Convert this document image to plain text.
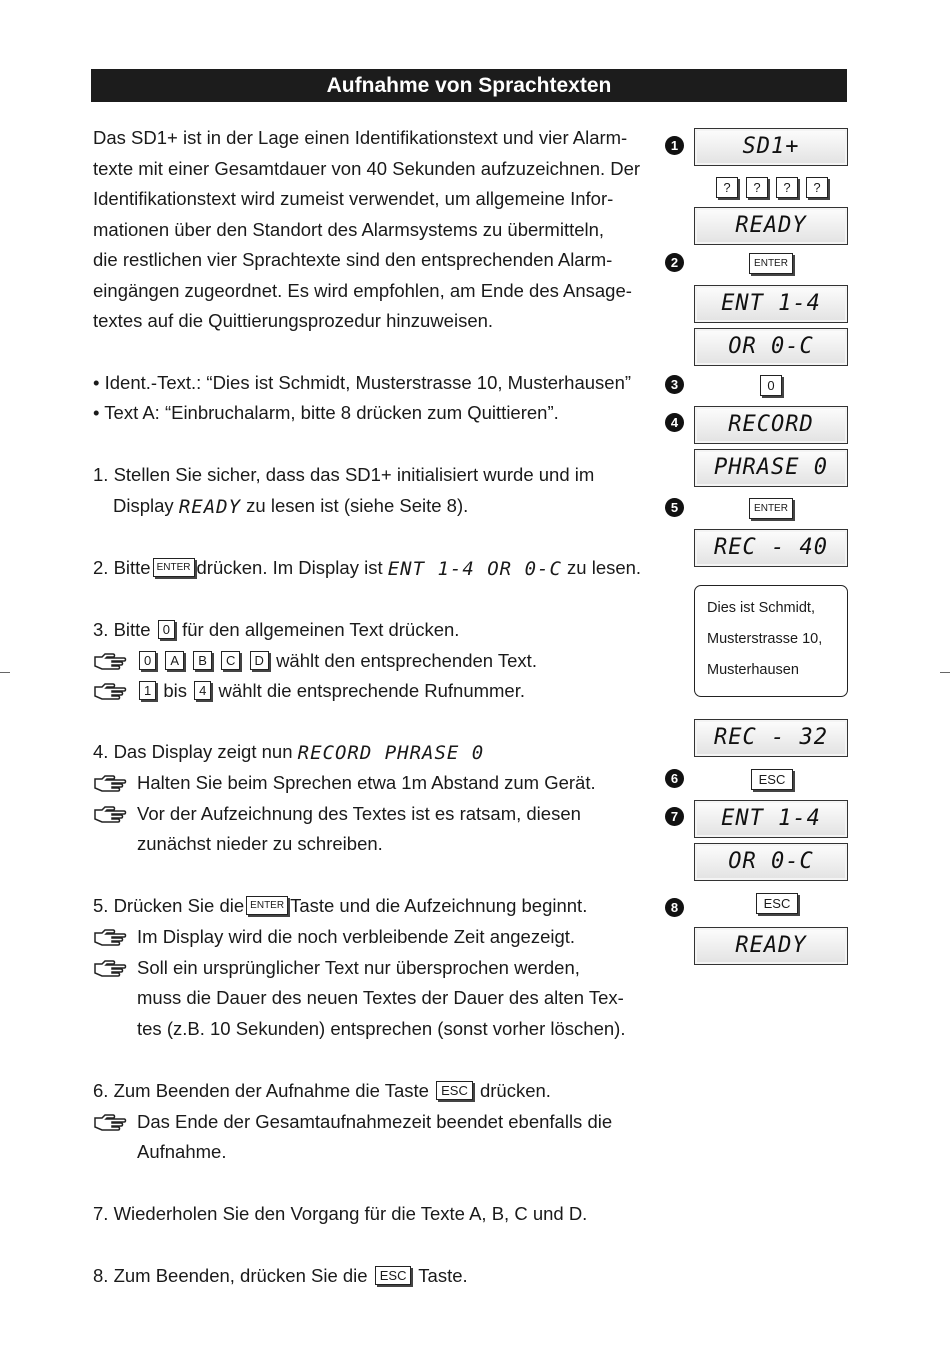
Aufnahme von Sprachtexten
Das SD1+ ist in der Lage einen Identifikationstext und vier Alarm-
texte mit einer Gesamtdauer von 40 Sekunden aufzuzeichnen. Der
Identifikationstext wird zumeist verwendet, um allgemeine Infor-
mationen über den Standort des Alarmsystems zu übermitteln,
die restlichen vier Sprachtexte sind den entsprechenden Alarm-
eingängen zugeordnet. Es wird empfohlen, am Ende des Ansage-
textes auf die Quittierungsprozedur hinzuweisen.
• Ident.-Text.: “Dies ist Schmidt, Musterstrasse 10, Musterhausen”
• Text A: “Einbruchalarm, bitte 8 drücken zum Quittieren”.
1. Stellen Sie sicher, dass das SD1+ initialisiert wurde und im
Display READY zu lesen ist (siehe Seite 8).
2. Bitte ENTER drücken. Im Display ist ENT 1-4 OR 0-C zu lesen.
3. Bitte 0 für den allgemeinen Text drücken.
0 A B C D wählt den entsprechenden Text.
1 bis 4 wählt die entsprechende Rufnummer.
4. Das Display zeigt nun RECORD PHRASE 0
Halten Sie beim Sprechen etwa 1m Abstand zum Gerät.
Vor der Aufzeichnung des Textes ist es ratsam, diesen
zunächst nieder zu schreiben.
5. Drücken Sie die ENTER Taste und die Aufzeichnung beginnt.
Im Display wird die noch verbleibende Zeit angezeigt.
Soll ein ursprünglicher Text nur übersprochen werden,
muss die Dauer des neuen Textes der Dauer des alten Tex-
tes (z.B. 10 Sekunden) entsprechen (sonst vorher löschen).
6. Zum Beenden der Aufnahme die Taste ESC drücken.
Das Ende der Gesamtaufnahmezeit beendet ebenfalls die
Aufnahme.
7. Wiederholen Sie den Vorgang für die Texte A, B, C und D.
8. Zum Beenden, drücken Sie die ESC Taste.
1	SD1+
?	?	?	?
READY
2	ENTER
ENT 1-4
OR 0-C
3	0
4	RECORD
PHRASE 0
5	ENTER
REC - 40
Dies ist Schmidt,
Musterstrasse 10,
Musterhausen
REC - 32
6	ESC
7	ENT 1-4
OR 0-C
8	ESC
READY
